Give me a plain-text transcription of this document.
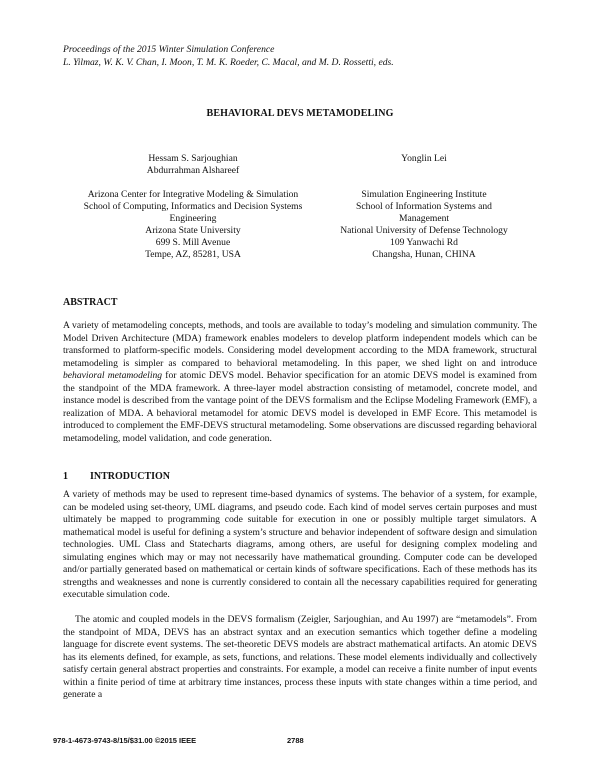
Proceedings of the 2015 Winter Simulation Conference
L. Yilmaz, W. K. V. Chan, I. Moon, T. M. K. Roeder, C. Macal, and M. D. Rossetti, eds.
BEHAVIORAL DEVS METAMODELING
Hessam S. Sarjoughian
Abdurrahman Alshareef
Arizona Center for Integrative Modeling & Simulation
School of Computing, Informatics and Decision Systems
Engineering
Arizona State University
699 S. Mill Avenue
Tempe, AZ, 85281, USA
Yonglin Lei

Simulation Engineering Institute
School of Information Systems and
Management
National University of Defense Technology
109 Yanwachi Rd
Changsha, Hunan, CHINA
ABSTRACT
A variety of metamodeling concepts, methods, and tools are available to today’s modeling and simulation community. The Model Driven Architecture (MDA) framework enables modelers to develop platform independent models which can be transformed to platform-specific models. Considering model development according to the MDA framework, structural metamodeling is simpler as compared to behavioral metamodeling. In this paper, we shed light on and introduce behavioral metamodeling for atomic DEVS model. Behavior specification for an atomic DEVS model is examined from the standpoint of the MDA framework. A three-layer model abstraction consisting of metamodel, concrete model, and instance model is described from the vantage point of the DEVS formalism and the Eclipse Modeling Framework (EMF), a realization of MDA. A behavioral metamodel for atomic DEVS model is developed in EMF Ecore. This metamodel is introduced to complement the EMF-DEVS structural metamodeling. Some observations are discussed regarding behavioral metamodeling, model validation, and code generation.
1 INTRODUCTION
A variety of methods may be used to represent time-based dynamics of systems. The behavior of a system, for example, can be modeled using set-theory, UML diagrams, and pseudo code. Each kind of model serves certain purposes and must ultimately be mapped to programming code suitable for execution in one or possibly multiple target simulators. A mathematical model is useful for defining a system’s structure and behavior independent of software design and simulation technologies. UML Class and Statecharts diagrams, among others, are useful for designing complex modeling and simulating engines which may or may not necessarily have mathematical grounding. Computer code can be developed and/or partially generated based on mathematical or certain kinds of software specifications. Each of these methods has its strengths and weaknesses and none is currently considered to contain all the necessary capabilities required for generating executable simulation code.
The atomic and coupled models in the DEVS formalism (Zeigler, Sarjoughian, and Au 1997) are “metamodels”. From the standpoint of MDA, DEVS has an abstract syntax and an execution semantics which together define a modeling language for discrete event systems. The set-theoretic DEVS models are abstract mathematical artifacts. An atomic DEVS has its elements defined, for example, as sets, functions, and relations. These model elements individually and collectively satisfy certain general abstract properties and constraints. For example, a model can receive a finite number of input events within a finite period of time at arbitrary time instances, process these inputs with state changes within a time period, and generate a
978-1-4673-9743-8/15/$31.00 ©2015 IEEE	2788
